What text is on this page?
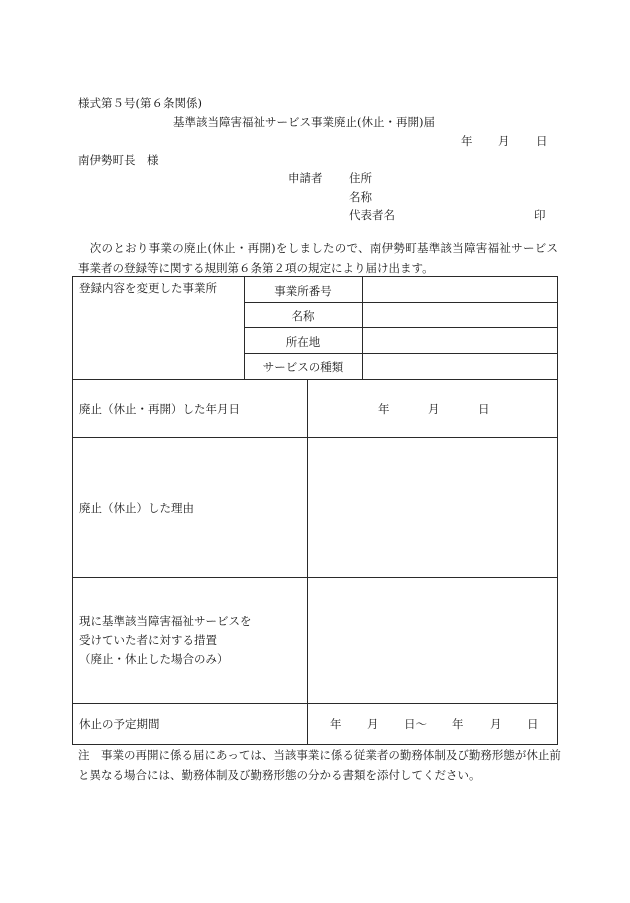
様式第５号(第６条関係)
基準該当障害福祉サービス事業廃止(休止・再開)届
年 月 日
南伊勢町長　様
申請者 住所
名称
代表者名	印
　次のとおり事業の廃止(休止・再開)をしましたので、南伊勢町基準該当障害福祉サービス事業者の登録等に関する規則第６条第２項の規定により届け出ます。
登録内容を変更した事業所	事業所番号
名称
所在地
サービスの種類
廃止（休止・再開）した年月日	年	月	日
廃止（休止）した理由
現に基準該当障害福祉サービスを
受けていた者に対する措置
（廃止・休止した場合のみ）
休止の予定期間	年 月 日～ 年 月 日
注　事業の再開に係る届にあっては、当該事業に係る従業者の勤務体制及び勤務形態が休止前と異なる場合には、勤務体制及び勤務形態の分かる書類を添付してください。
